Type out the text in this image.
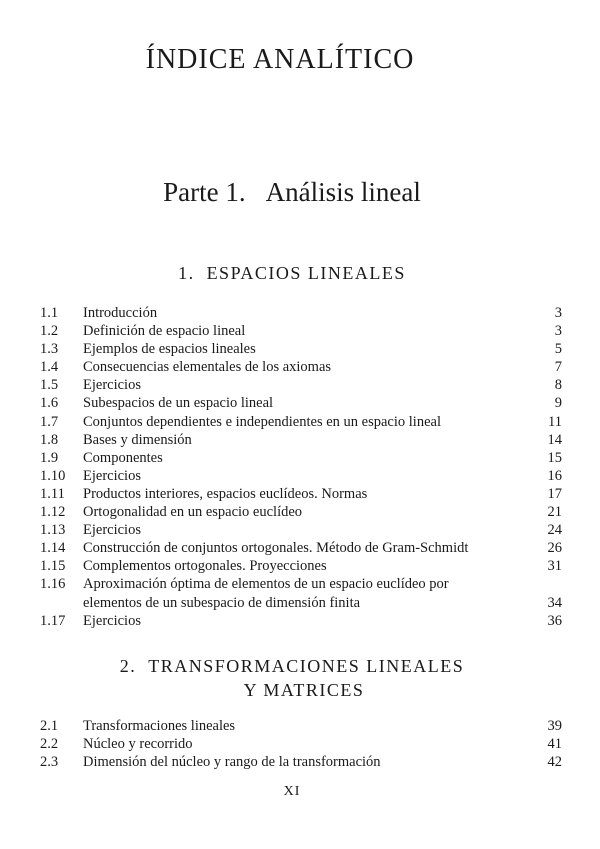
ÍNDICE ANALÍTICO
Parte 1. Análisis lineal
1. ESPACIOS LINEALES
1.1	Introducción	3
1.2	Definición de espacio lineal	3
1.3	Ejemplos de espacios lineales	5
1.4	Consecuencias elementales de los axiomas	7
1.5	Ejercicios	8
1.6	Subespacios de un espacio lineal	9
1.7	Conjuntos dependientes e independientes en un espacio lineal	11
1.8	Bases y dimensión	14
1.9	Componentes	15
1.10	Ejercicios	16
1.11	Productos interiores, espacios euclídeos. Normas	17
1.12	Ortogonalidad en un espacio euclídeo	21
1.13	Ejercicios	24
1.14	Construcción de conjuntos ortogonales. Método de Gram-Schmidt	26
1.15	Complementos ortogonales. Proyecciones	31
1.16	Aproximación óptima de elementos de un espacio euclídeo por
elementos de un subespacio de dimensión finita	34
1.17	Ejercicios	36
2. TRANSFORMACIONES LINEALES
Y MATRICES
2.1	Transformaciones lineales	39
2.2	Núcleo y recorrido	41
2.3	Dimensión del núcleo y rango de la transformación	42
XI
